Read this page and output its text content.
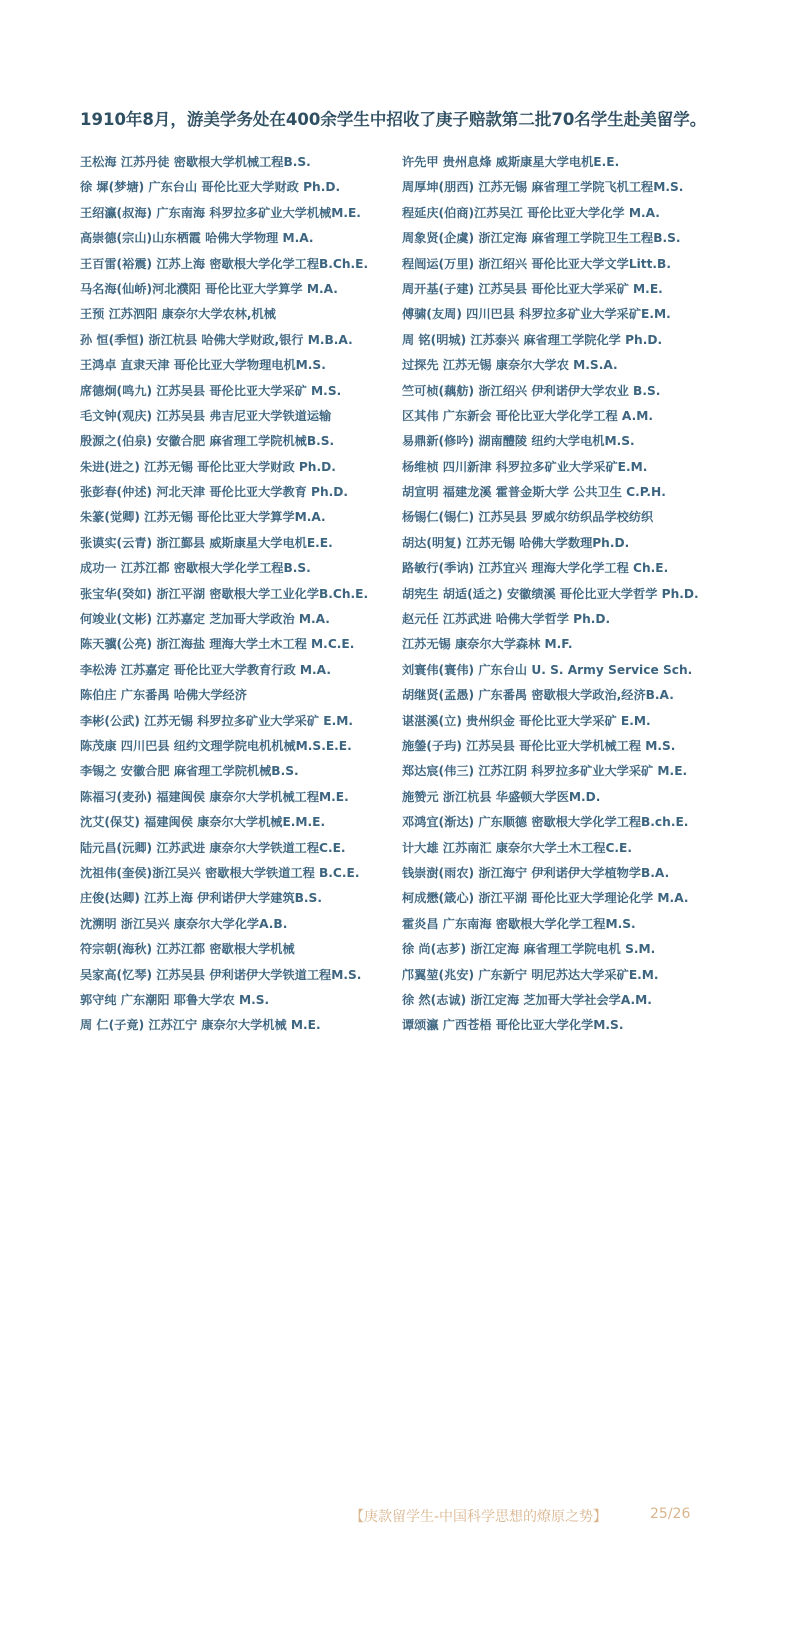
1910年8月，游美学务处在400余学生中招收了庚子赔款第二批70名学生赴美留学。
王松海 江苏丹徒 密歇根大学机械工程B.S.
徐 墀(梦塘) 广东台山 哥伦比亚大学财政 Ph.D.
王绍瀛(叔海) 广东南海 科罗拉多矿业大学机械M.E.
高崇德(宗山)山东栖霞 哈佛大学物理 M.A.
王百雷(裕震) 江苏上海 密歇根大学化学工程B.Ch.E.
马名海(仙峤)河北濮阳 哥伦比亚大学算学 M.A.
王预 江苏泗阳 康奈尔大学农林,机械
孙 恒(季恒) 浙江杭县 哈佛大学财政,银行 M.B.A.
王鸿卓 直隶天津 哥伦比亚大学物理电机M.S.
席德炯(鸣九) 江苏吴县 哥伦比亚大学采矿 M.S.
毛文钟(观庆) 江苏吴县 弗吉尼亚大学铁道运输
殷源之(伯泉) 安徽合肥 麻省理工学院机械B.S.
朱进(进之) 江苏无锡 哥伦比亚大学财政 Ph.D.
张彭春(仲述) 河北天津 哥伦比亚大学教育 Ph.D.
朱篆(觉卿) 江苏无锡 哥伦比亚大学算学M.A.
张谟实(云青) 浙江鄞县 威斯康星大学电机E.E.
成功一 江苏江都 密歇根大学化学工程B.S.
张宝华(癸如) 浙江平湖 密歇根大学工业化学B.Ch.E.
何竣业(文彬) 江苏嘉定 芝加哥大学政治 M.A.
陈天骥(公亮) 浙江海盐 理海大学土木工程 M.C.E.
李松涛 江苏嘉定 哥伦比亚大学教育行政 M.A.
陈伯庄 广东番禺 哈佛大学经济
李彬(公武) 江苏无锡 科罗拉多矿业大学采矿 E.M.
陈茂康 四川巴县 纽约文理学院电机机械M.S.E.E.
李锡之 安徽合肥 麻省理工学院机械B.S.
陈福习(麦孙) 福建闽侯 康奈尔大学机械工程M.E.
沈艾(保艾) 福建闽侯 康奈尔大学机械E.M.E.
陆元昌(沅卿) 江苏武进 康奈尔大学铁道工程C.E.
沈祖伟(奎侯)浙江吴兴 密歇根大学铁道工程 B.C.E.
庄俊(达卿) 江苏上海 伊利诺伊大学建筑B.S.
沈溯明 浙江吴兴 康奈尔大学化学A.B.
符宗朝(海秋) 江苏江都 密歇根大学机械
吴家高(忆琴) 江苏吴县 伊利诺伊大学铁道工程M.S.
郭守纯 广东潮阳 耶鲁大学农 M.S.
周 仁(子竟) 江苏江宁 康奈尔大学机械 M.E.
许先甲 贵州息烽 威斯康星大学电机E.E.
周厚坤(朋西) 江苏无锡 麻省理工学院飞机工程M.S.
程延庆(伯商)江苏吴江 哥伦比亚大学化学 M.A.
周象贤(企虞) 浙江定海 麻省理工学院卫生工程B.S.
程闿运(万里) 浙江绍兴 哥伦比亚大学文学Litt.B.
周开基(子建) 江苏吴县 哥伦比亚大学采矿 M.E.
傅骕(友周) 四川巴县 科罗拉多矿业大学采矿E.M.
周 铭(明城) 江苏泰兴 麻省理工学院化学 Ph.D.
过探先 江苏无锡 康奈尔大学农 M.S.A.
竺可桢(藕舫) 浙江绍兴 伊利诺伊大学农业 B.S.
区其伟 广东新会 哥伦比亚大学化学工程 A.M.
易鼎新(修吟) 湖南醴陵 纽约大学电机M.S.
杨维桢 四川新津 科罗拉多矿业大学采矿E.M.
胡宣明 福建龙溪 霍普金斯大学 公共卫生 C.P.H.
杨锡仁(锡仁) 江苏吴县 罗威尔纺织品学校纺织
胡达(明复) 江苏无锡 哈佛大学数理Ph.D.
路敏行(季讷) 江苏宜兴 理海大学化学工程 Ch.E.
胡宪生 胡适(适之) 安徽绩溪 哥伦比亚大学哲学 Ph.D.
赵元任 江苏武进 哈佛大学哲学 Ph.D.
江苏无锡 康奈尔大学森林 M.F.
刘寰伟(寰伟) 广东台山 U. S. Army Service Sch.
胡继贤(孟愚) 广东番禺 密歇根大学政治,经济B.A.
谌湛溪(立) 贵州织金 哥伦比亚大学采矿 E.M.
施鎣(子玙) 江苏吴县 哥伦比亚大学机械工程 M.S.
郑达宸(伟三) 江苏江阴 科罗拉多矿业大学采矿 M.E.
施赞元 浙江杭县 华盛顿大学医M.D.
邓鸿宜(渐达) 广东顺德 密歇根大学化学工程B.ch.E.
计大雄 江苏南汇 康奈尔大学土木工程C.E.
钱崇澍(雨农) 浙江海宁 伊利诺伊大学植物学B.A.
柯成懋(箴心) 浙江平湖 哥伦比亚大学理论化学 M.A.
霍炎昌 广东南海 密歇根大学化学工程M.S.
徐 尚(志芗) 浙江定海 麻省理工学院电机 S.M.
邝翼堃(兆安) 广东新宁 明尼苏达大学采矿E.M.
徐 然(志诚) 浙江定海 芝加哥大学社会学A.M.
谭颂瀛 广西苍梧 哥伦比亚大学化学M.S.
【庚款留学生-中国科学思想的燎原之势】	25/26
